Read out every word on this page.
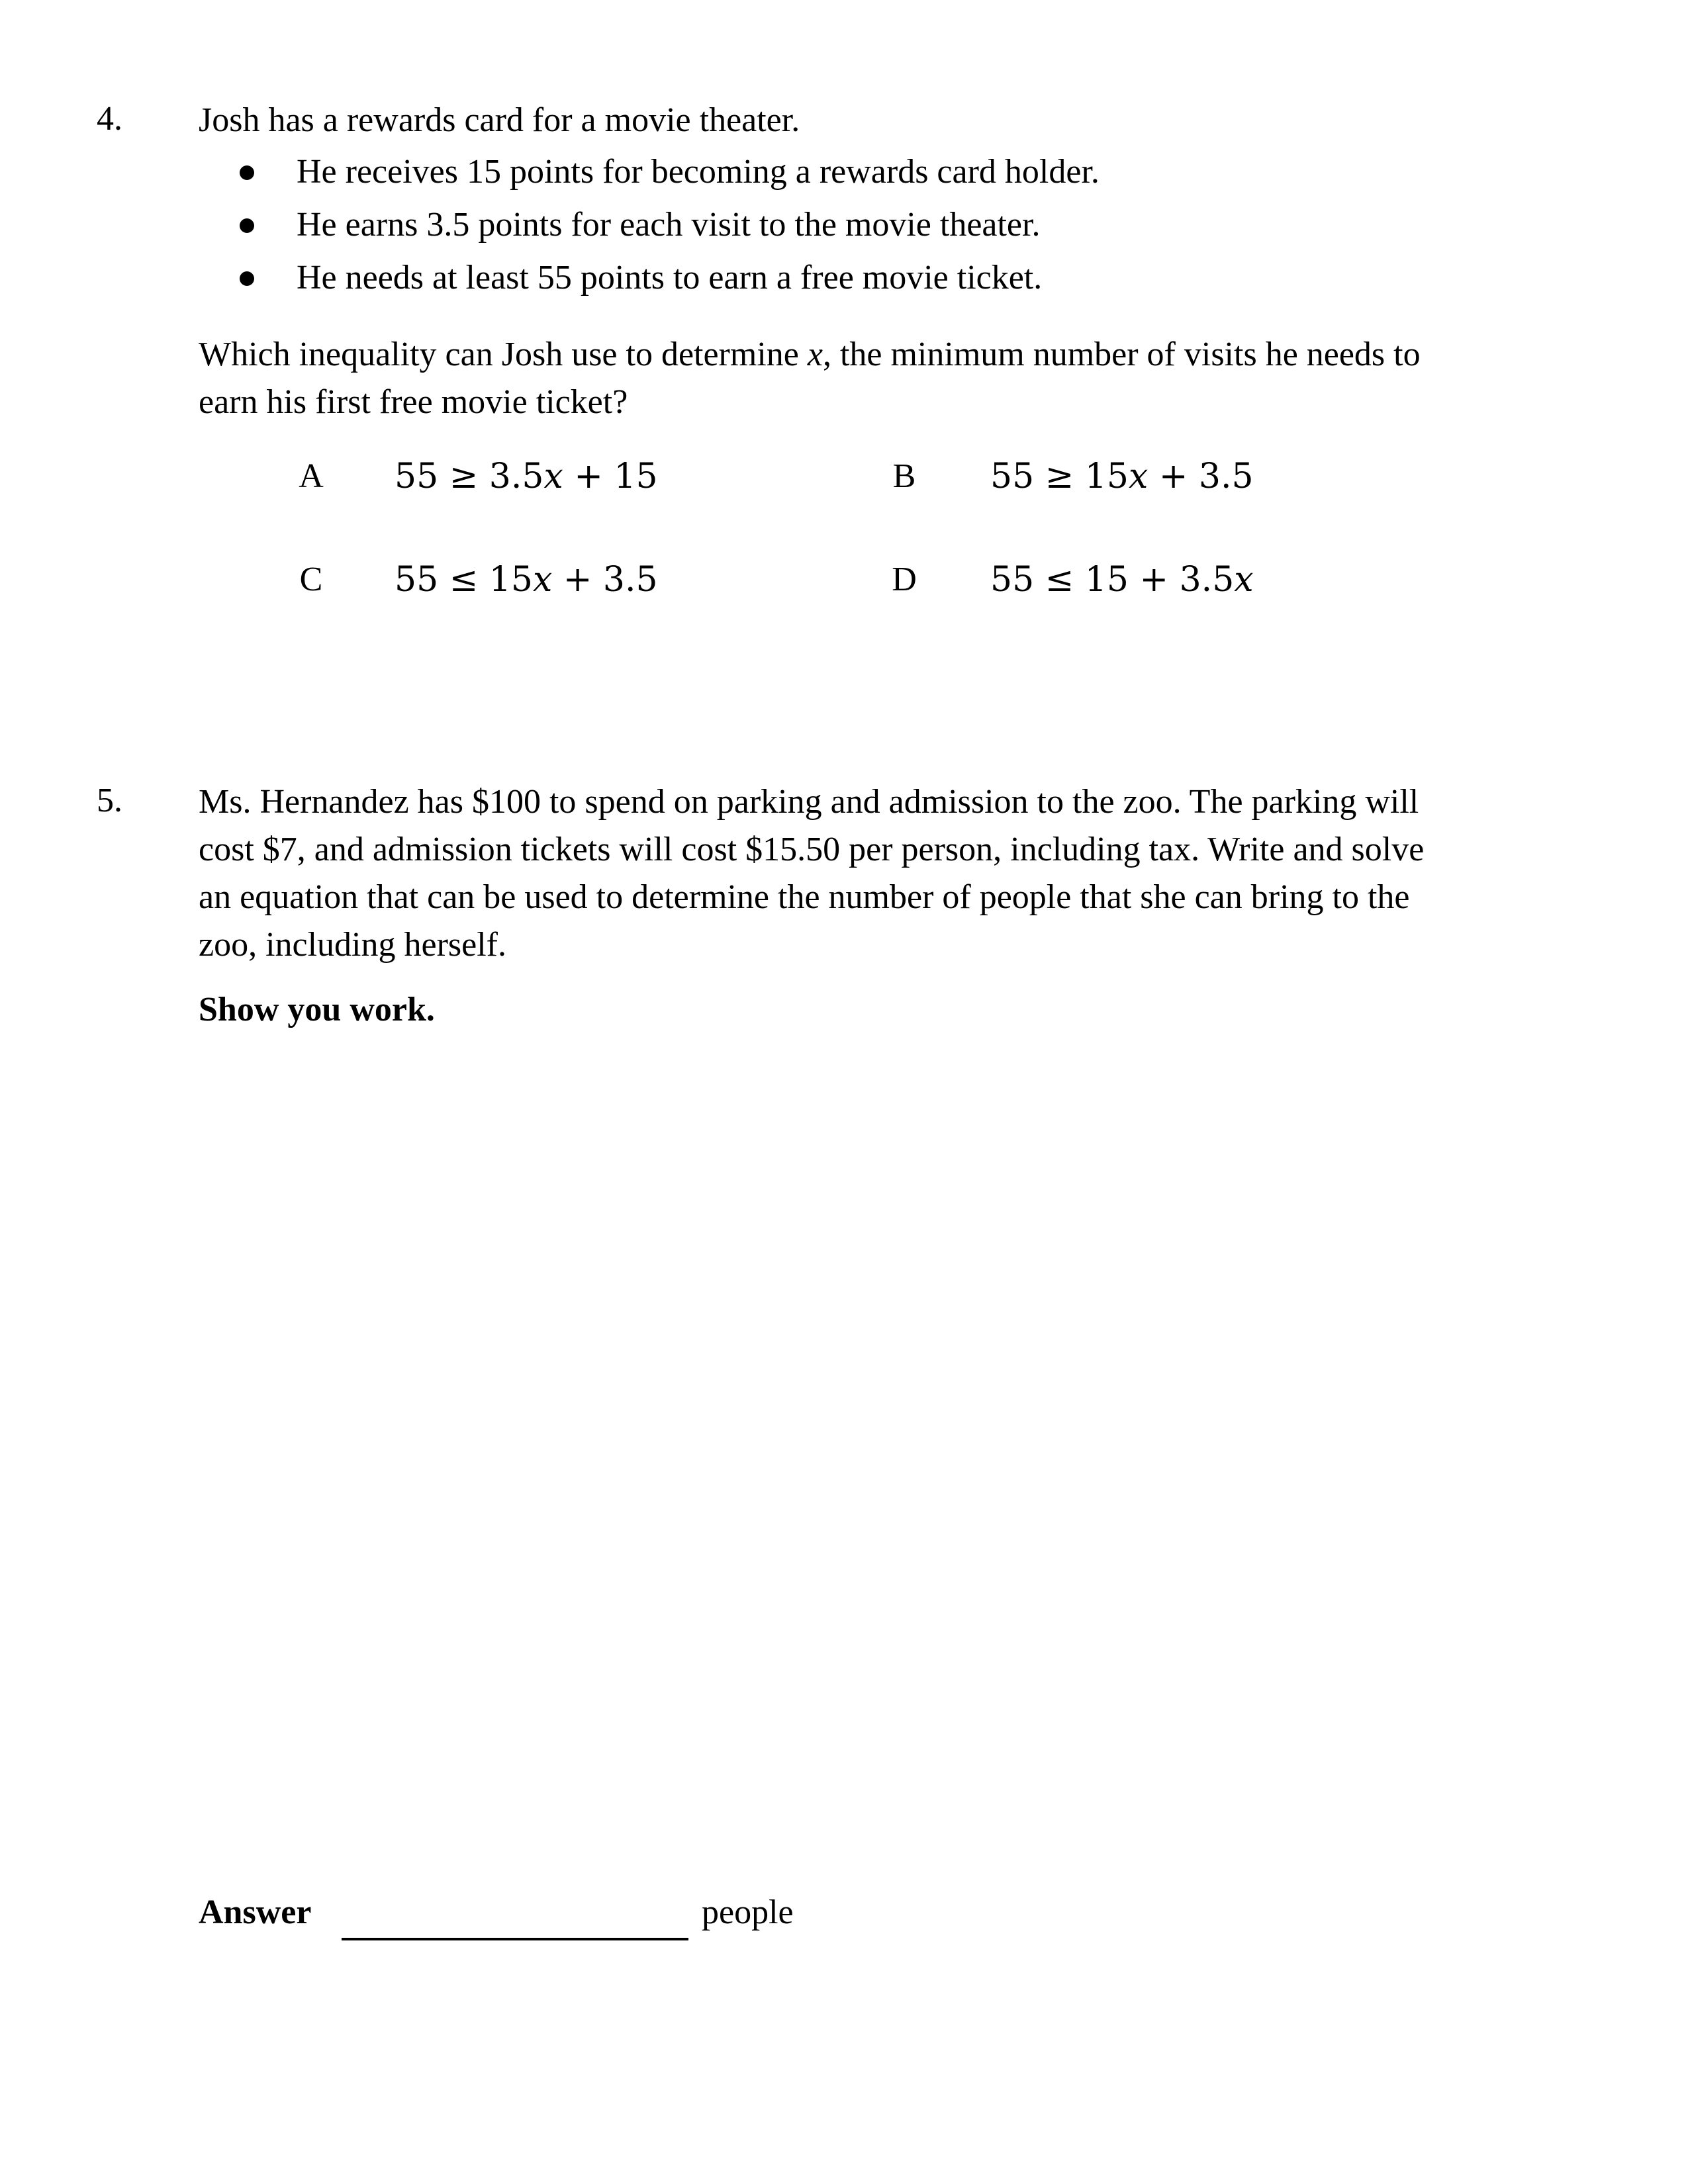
4. Josh has a rewards card for a movie theater.
He receives 15 points for becoming a rewards card holder.
He earns 3.5 points for each visit to the movie theater.
He needs at least 55 points to earn a free movie ticket.
Which inequality can Josh use to determine x, the minimum number of visits he needs to
earn his first free movie ticket?
A 55 ≥ 3.5x + 15	B 55 ≥ 15x + 3.5
C 55 ≤ 15x + 3.5	D 55 ≤ 15 + 3.5x
5. Ms. Hernandez has $100 to spend on parking and admission to the zoo. The parking will
cost $7, and admission tickets will cost $15.50 per person, including tax. Write and solve
an equation that can be used to determine the number of people that she can bring to the
zoo, including herself.
Show you work.
Answer	people
